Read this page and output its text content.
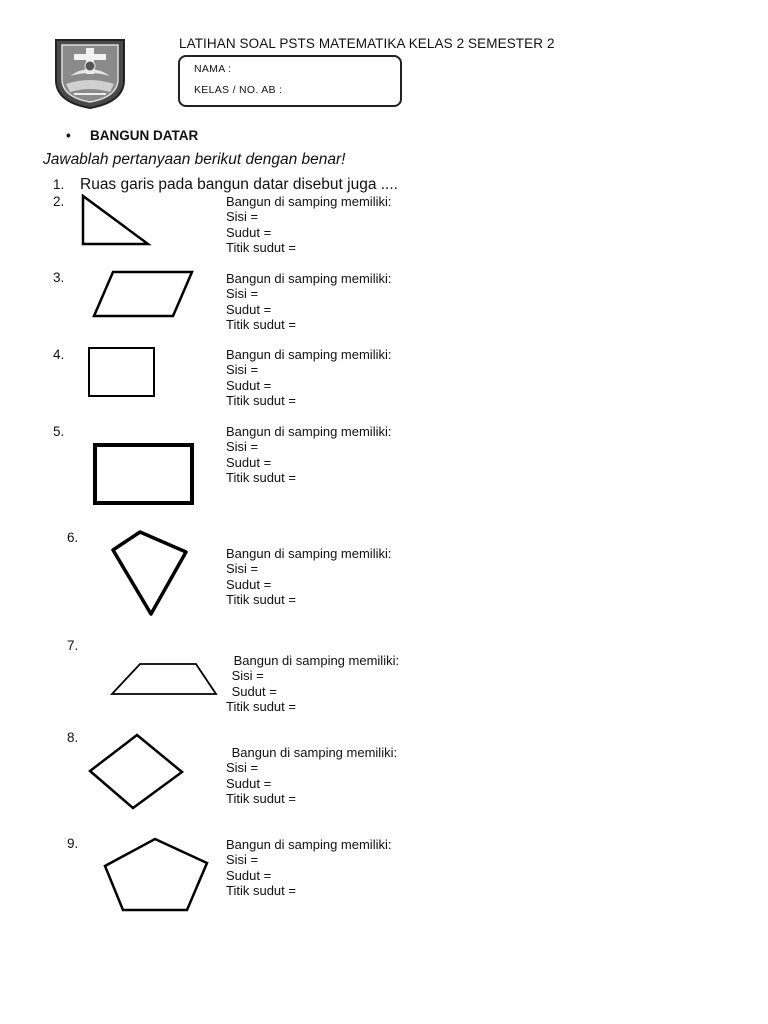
LATIHAN SOAL PSTS MATEMATIKA KELAS 2 SEMESTER 2
NAMA :
KELAS / NO. AB :
• BANGUN DATAR
Jawablah pertanyaan berikut dengan benar!
1. Ruas garis pada bangun datar disebut juga ....
2.	Bangun di samping memiliki:
Sisi =
Sudut =
Titik sudut =
3.	Bangun di samping memiliki:
Sisi =
Sudut =
Titik sudut =
4.	Bangun di samping memiliki:
Sisi =
Sudut =
Titik sudut =
5.	Bangun di samping memiliki:
Sisi =
Sudut =
Titik sudut =
6.
Bangun di samping memiliki:
Sisi =
Sudut =
Titik sudut =
7.
Bangun di samping memiliki:
Sisi =
Sudut =
Titik sudut =
8.
Bangun di samping memiliki:
Sisi =
Sudut =
Titik sudut =
9.	Bangun di samping memiliki:
Sisi =
Sudut =
Titik sudut =
